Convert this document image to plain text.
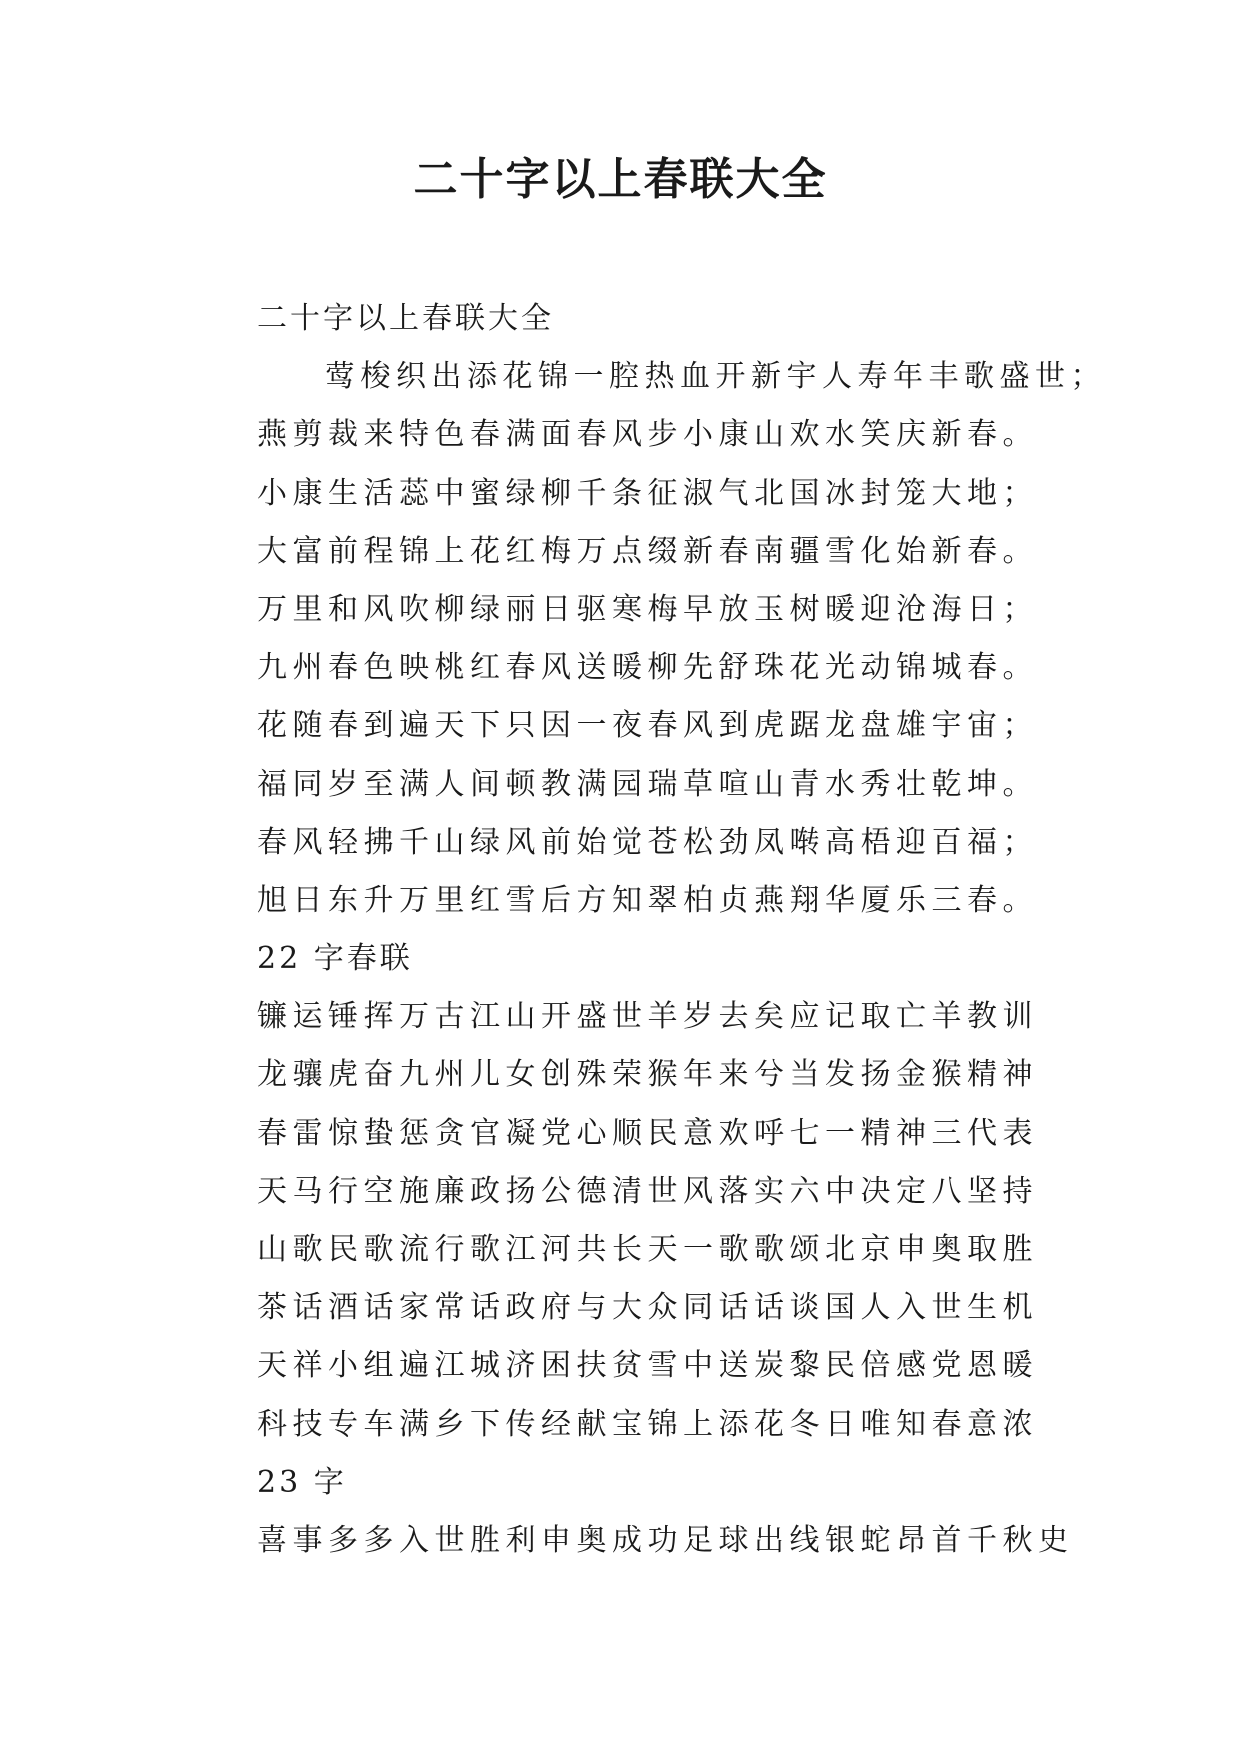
二十字以上春联大全
二十字以上春联大全
莺梭织出添花锦一腔热血开新宇人寿年丰歌盛世；
燕剪裁来特色春满面春风步小康山欢水笑庆新春。
小康生活蕊中蜜绿柳千条征淑气北国冰封笼大地；
大富前程锦上花红梅万点缀新春南疆雪化始新春。
万里和风吹柳绿丽日驱寒梅早放玉树暖迎沧海日；
九州春色映桃红春风送暖柳先舒珠花光动锦城春。
花随春到遍天下只因一夜春风到虎踞龙盘雄宇宙；
福同岁至满人间顿教满园瑞草喧山青水秀壮乾坤。
春风轻拂千山绿风前始觉苍松劲凤啭高梧迎百福；
旭日东升万里红雪后方知翠柏贞燕翔华厦乐三春。
22 字春联
镰运锤挥万古江山开盛世羊岁去矣应记取亡羊教训
龙骧虎奋九州儿女创殊荣猴年来兮当发扬金猴精神
春雷惊蛰惩贪官凝党心顺民意欢呼七一精神三代表
天马行空施廉政扬公德清世风落实六中决定八坚持
山歌民歌流行歌江河共长天一歌歌颂北京申奥取胜
茶话酒话家常话政府与大众同话话谈国人入世生机
天祥小组遍江城济困扶贫雪中送炭黎民倍感党恩暖
科技专车满乡下传经献宝锦上添花冬日唯知春意浓
23 字
喜事多多入世胜利申奥成功足球出线银蛇昂首千秋史
